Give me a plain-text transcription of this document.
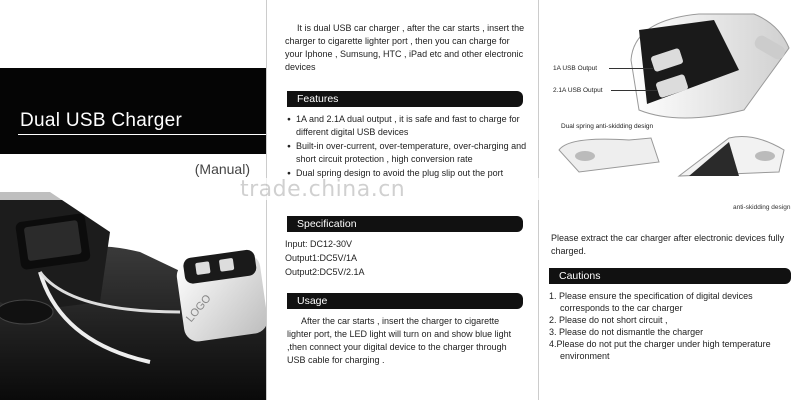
Dual USB Charger
(Manual)
LOGO

It is dual USB car charger , after the car starts , insert the charger to cigarette lighter port , then you can charge for your Iphone , Sumsung, HTC , iPad etc and other electronic devices

Features
● 1A and 2.1A dual output , it is safe and fast to charge for different digital USB devices
● Built-in over-current, over-temperature, over-charging and short circuit protection , high conversion rate
● Dual spring design to avoid the plug slip out the port
Specification
Input: DC12-30V
Output1:DC5V/1A
Output2:DC5V/2.1A
Usage

After the car starts , insert the charger to cigarette lighter port, the LED light will turn on and show blue light ,then connect your digital device to the charger through USB cable for charging .

1A USB Output
2.1A USB Output
Dual spring anti-skidding design
anti-skidding design

Please extract the car charger after electronic devices fully charged.

Cautions
1. Please ensure the specification of digital devices
corresponds to the car charger
2. Please do not short circuit ,
3. Please do not dismantle the charger
4.Please do not put the charger under high temperature
environment
trade.china.cn
